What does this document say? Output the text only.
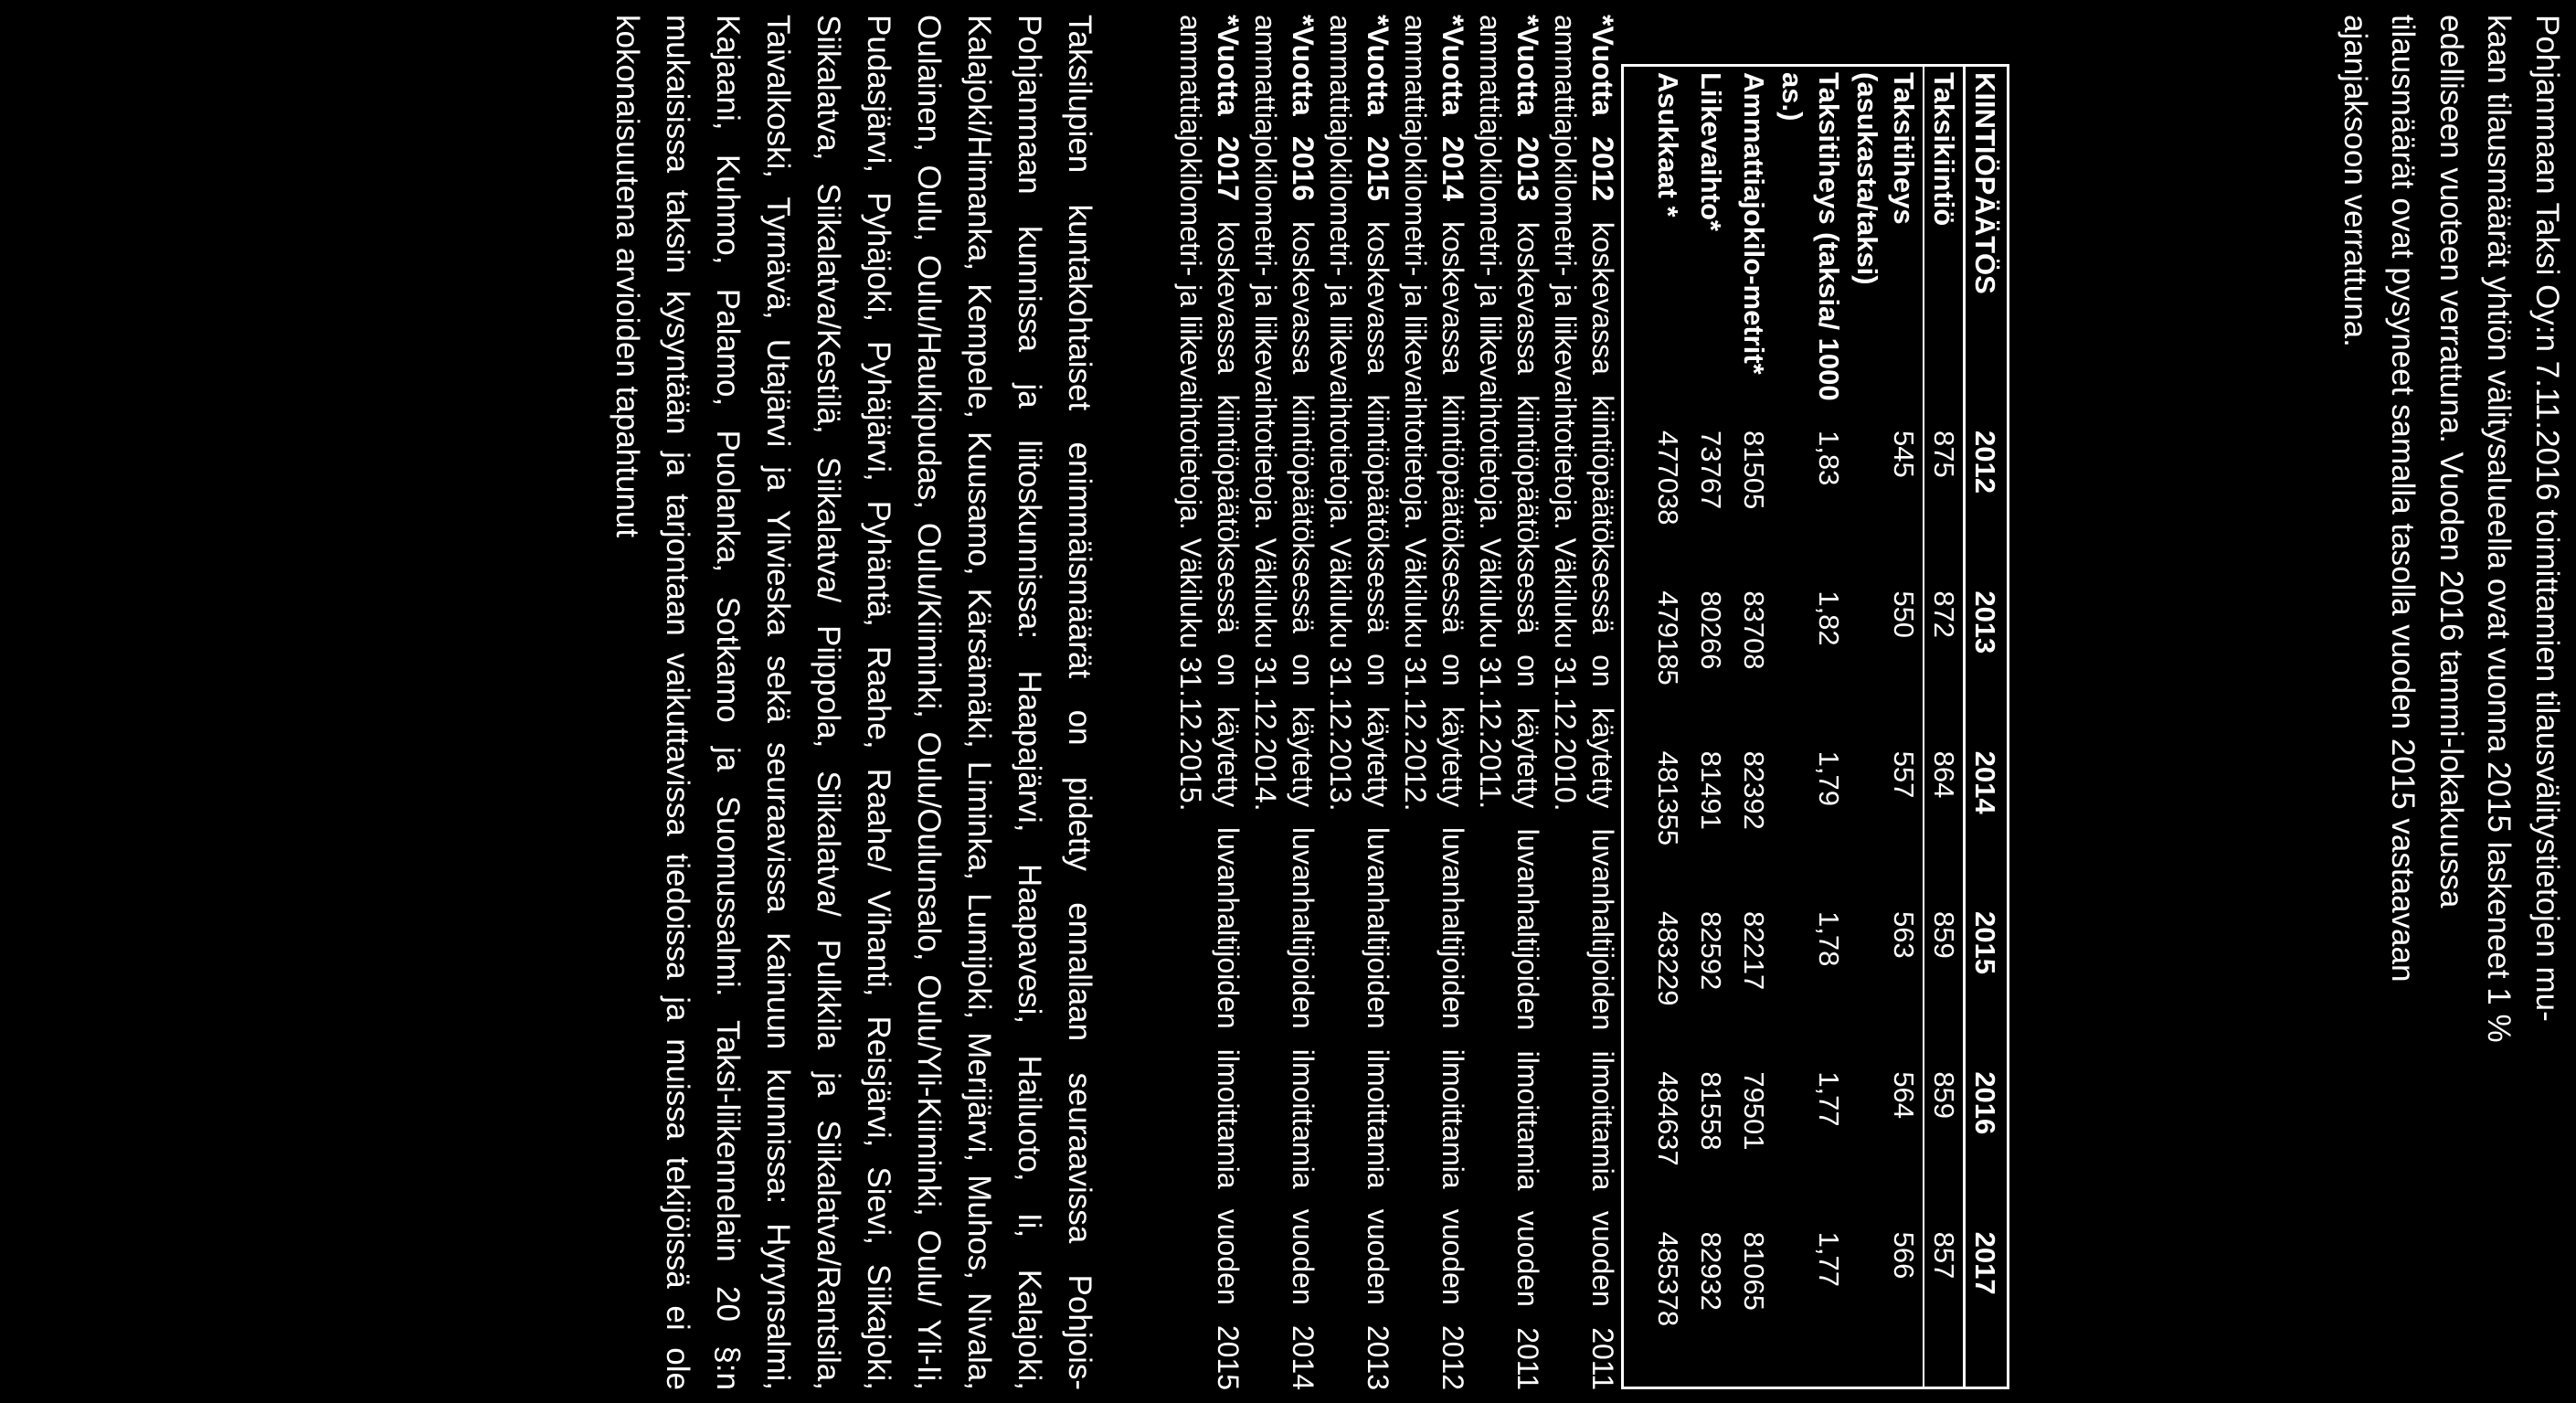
Pohjanmaan Taksi Oy:n 7.11.2016 toimittamien tilausvälitystietojen mu-
kaan tilausmäärät yhtiön välitysalueella ovat vuonna 2015 laskeneet 1 %
edelliseen vuoteen verrattuna. Vuoden 2016 tammi-lokakuussa
tilausmäärät ovat pysyneet samalla tasolla vuoden 2015 vastaavaan
ajanjaksoon verrattuna.
KIINTIÖPÄÄTÖS	2012	2013	2014	2015	2016	2017
Taksikiintiö	875	872	864	859	859	857
Taksitiheys (asukasta/taksi)	545	550	557	563	564	566
Taksitiheys (taksia/ 1000 as.)	1,83	1,82	1,79	1,78	1,77	1,77
Ammattiajokilo-metrit*	81505	83708	82392	82217	79501	81065
Liikevaihto*	73767	80266	81491	82592	81558	82932
Asukkaat *	477038	479185	481355	483229	484637	485378
*Vuotta 2012 koskevassa kiintiöpäätöksessä on käytetty luvanhaltijoiden ilmoittamia vuoden 2011 ammattiajokilometri- ja liikevaihtotietoja. Väkiluku 31.12.2010.
*Vuotta 2013 koskevassa kiintiöpäätöksessä on käytetty luvanhaltijoiden ilmoittamia vuoden 2011 ammattiajokilometri- ja liikevaihtotietoja. Väkiluku 31.12.2011.
*Vuotta 2014 koskevassa kiintiöpäätöksessä on käytetty luvanhaltijoiden ilmoittamia vuoden 2012 ammattiajokilometri- ja liikevaihtotietoja. Väkiluku 31.12.2012.
*Vuotta 2015 koskevassa kiintiöpäätöksessä on käytetty luvanhaltijoiden ilmoittamia vuoden 2013 ammattiajokilometri- ja liikevaihtotietoja. Väkiluku 31.12.2013.
*Vuotta 2016 koskevassa kiintiöpäätöksessä on käytetty luvanhaltijoiden ilmoittamia vuoden 2014 ammattiajokilometri- ja liikevaihtotietoja. Väkiluku 31.12.2014.
*Vuotta 2017 koskevassa kiintiöpäätöksessä on käytetty luvanhaltijoiden ilmoittamia vuoden 2015 ammattiajokilometri- ja liikevaihtotietoja. Väkiluku 31.12.2015.

Taksilupien kuntakohtaiset enimmäismäärät on pidetty ennallaan seuraavissa Pohjois-Pohjanmaan kunnissa ja liitoskunnissa: Haapajärvi, Haapavesi, Hailuoto, Ii, Kalajoki, Kalajoki/Himanka, Kempele, Kuusamo, Kärsämäki, Liminka, Lumijoki, Merijärvi, Muhos, Nivala, Oulainen, Oulu, Oulu/Haukipudas, Oulu/Kiiminki, Oulu/Oulunsalo, Oulu/Yli-Kiiminki, Oulu/ Yli-Ii, Pudasjärvi, Pyhäjoki, Pyhäjärvi, Pyhäntä, Raahe, Raahe/ Vihanti, Reisjärvi, Sievi, Siikajoki, Siikalatva, Siikalatva/Kestilä, Siikalatva/ Piippola, Siikalatva/ Pulkkila ja Siikalatva/Rantsila, Taivalkoski, Tyrnävä, Utajärvi ja Ylivieska sekä seuraavissa Kainuun kunnissa: Hyrynsalmi, Kajaani, Kuhmo, Palamo, Puolanka, Sotkamo ja Suomussalmi. Taksi-liikennelain 20 §:n mukaisissa taksin kysyntään ja tarjontaan vaikuttavissa tiedoissa ja muissa tekijöissä ei ole kokonaisuutena arvioiden tapahtunut
